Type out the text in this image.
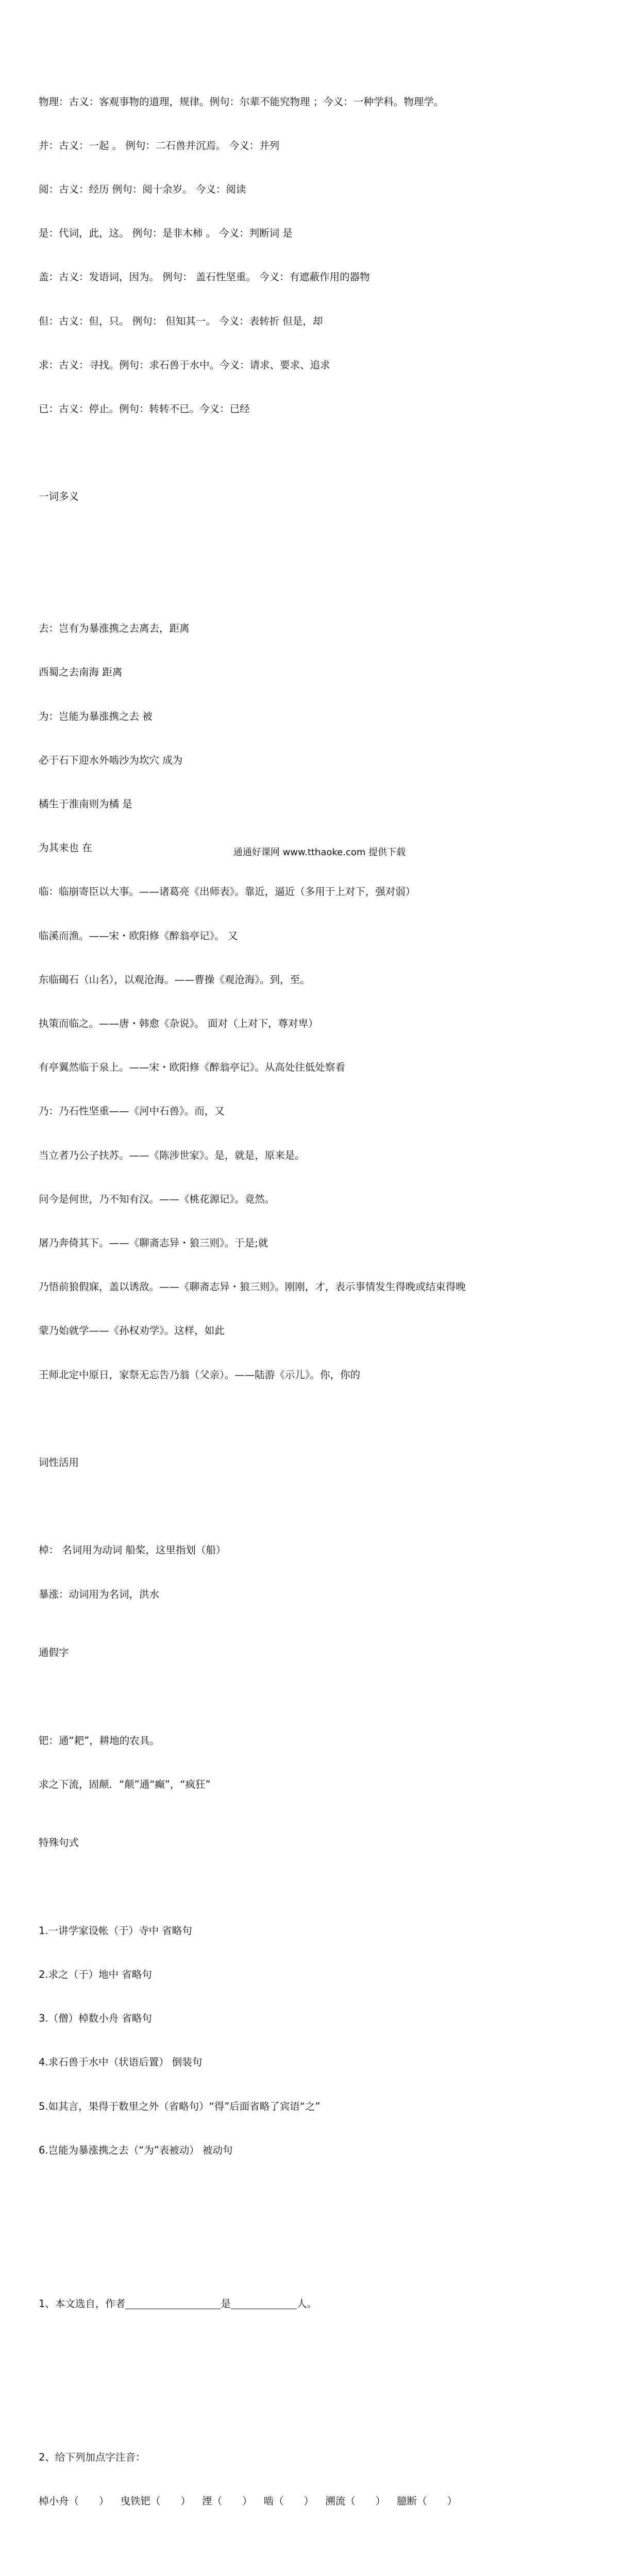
物理：古义：客观事物的道理，规律。例句：尔辈不能究物理 ；今义：一种学科。物理学。

并：古义：一起 。 例句：二石兽并沉焉。 今义：并列

阅：古义：经历 例句：阅十余岁。 今义：阅读

是：代词，此，这。 例句：是非木柿 。 今义：判断词 是

盖：古义：发语词，因为。 例句： 盖石性坚重。 今义：有遮蔽作用的器物

但：古义：但，只。 例句： 但知其一。 今义：表转折 但是，却

求：古义：寻找。例句：求石兽于水中。今义：请求、要求、追求

已：古义：停止。例句：转转不已。今义：已经

一词多义

去：岂有为暴涨携之去离去，距离

西蜀之去南海 距离

为：岂能为暴涨携之去 被

必于石下迎水外啮沙为坎穴 成为

橘生于淮南则为橘 是

为其来也 在

临：临崩寄臣以大事。——诸葛亮《出师表》。靠近，逼近（多用于上对下，强对弱）

临溪而渔。——宋・欧阳修《醉翁亭记》。 又

东临碣石（山名），以观沧海。——曹操《观沧海》。到，至。

执策而临之。——唐・韩愈《杂说》。 面对（上对下，尊对卑）

有亭翼然临于泉上。——宋・欧阳修《醉翁亭记》。从高处往低处察看

乃：乃石性坚重——《河中石兽》。而，又

当立者乃公子扶苏。——《陈涉世家》。是，就是，原来是。

问今是何世，乃不知有汉。——《桃花源记》。竟然。

屠乃奔倚其下。——《聊斋志异・狼三则》。于是;就

乃悟前狼假寐，盖以诱敌。——《聊斋志异・狼三则》。刚刚，才，表示事情发生得晚或结束得晚

蒙乃始就学——《孙权劝学》。这样，如此

王师北定中原日，家祭无忘告乃翁（父亲）。——陆游《示儿》。你，你的

词性活用

棹： 名词用为动词 船桨，这里指划（船）

暴涨：动词用为名词，洪水

通假字

钯：通“耙”，耕地的农具。

求之下流，固颠．“颠”通“癫”，“疯狂”

特殊句式

1.一讲学家设帐（于）寺中 省略句

2.求之（于）地中 省略句

3.（僧）棹数小舟 省略句

4.求石兽于水中（状语后置） 倒装句

5.如其言，果得于数里之外（省略句）“得”后面省略了宾语“之”

6.岂能为暴涨携之去（“为”表被动） 被动句

1、本文选自，作者	是	人。

2、给下列加点字注音：

棹小舟（　　） 曳铁钯（　　） 湮（　　） 啮（　　） 溯流（　　） 臆断（　　）

通通好课网 www.tthaoke.com 提供下载
